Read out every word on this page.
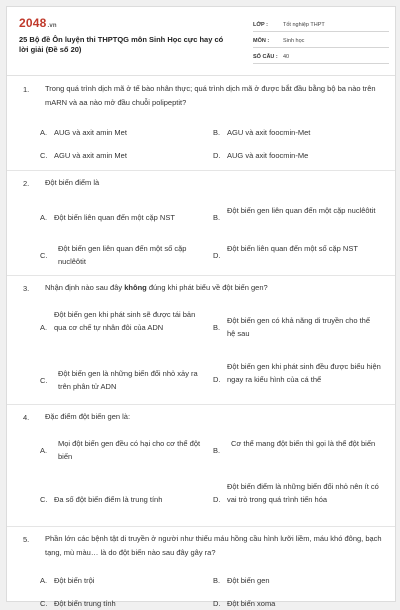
2048.vn
25 Bộ đề Ôn luyện thi THPTQG môn Sinh Học cực hay có lời giải (Đề số 20)
LỚP :	Tốt nghiệp THPT
MÔN :	Sinh học
SỐ CÂU : 40
1. Trong quá trình dịch mã ở tế bào nhân thực; quá trình dịch mã ở được bắt đầu bằng bộ ba nào trên mARN và aa nào mở đầu chuỗi polipeptit?
A. AUG và axit amin Met	B. AGU và axit foocmin-Met
C. AGU và axit amin Met	D. AUG và axit foocmin-Me
2. Đột biến điểm là
A. Đột biến liên quan đến một cặp NST	B.
Đột biến gen liên quan đến một cặp nuclêôtit
C.
Đột biến gen liên quan đến một số cặp nuclêôtit
D.
Đột biến liên quan đến một số cặp NST
3. Nhận định nào sau đây không đúng khi phát biểu về đột biến gen?
A.
Đột biến gen khi phát sinh sẽ được tái bản qua cơ chế tự nhân đôi của ADN	B.
Đột biến gen có khả năng di truyền cho thế hệ sau
C.
Đột biến gen là những biến đổi nhỏ xảy ra trên phân tử ADN
D.
Đột biến gen khi phát sinh đều được biểu hiện ngay ra kiểu hình của cá thể
4. Đặc điểm đột biến gen là:
A.
Mọi đột biến gen đều có hại cho cơ thể đột biến
B.
Cơ thể mang đột biến thì gọi là thể đột biến
C. Đa số đột biến điểm là trung tính	D.
Đột biến điểm là những biến đổi nhỏ nên ít có vai trò trong quá trình tiến hóa
5. Phần lớn các bệnh tật di truyền ở người như thiếu máu hồng cầu hình lưỡi liềm, máu khó đông, bạch tạng, mù màu… là do đột biến nào sau đây gây ra?
A. Đột biến trội	B. Đột biến gen
C. Đột biến trung tính	D. Đột biến xoma
